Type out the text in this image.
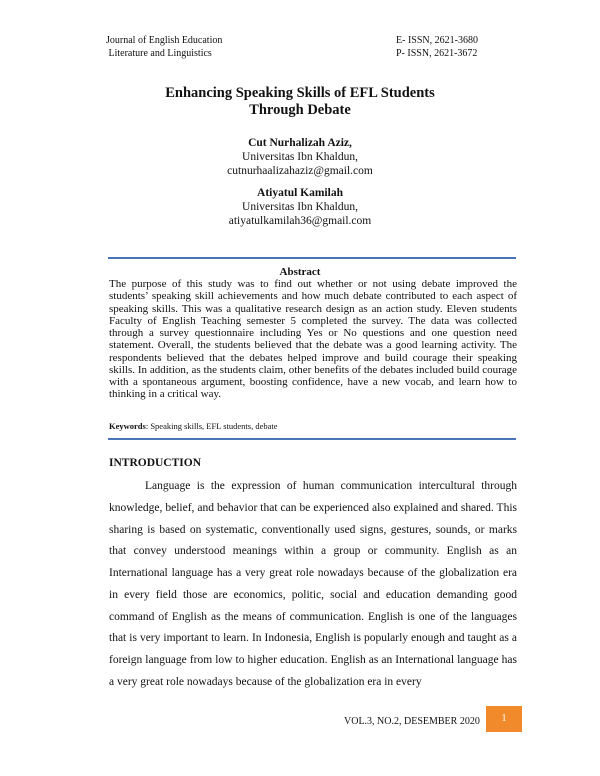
Journal of English Education
Literature and Linguistics
E- ISSN, 2621-3680
P- ISSN, 2621-3672
Enhancing Speaking Skills of EFL Students
Through Debate
Cut Nurhalizah Aziz,
Universitas Ibn Khaldun,
cutnurhaalizahaziz@gmail.com
Atiyatul Kamilah
Universitas Ibn Khaldun,
atiyatulkamilah36@gmail.com
Abstract
The purpose of this study was to find out whether or not using debate improved the students’ speaking skill achievements and how much debate contributed to each aspect of speaking skills. This was a qualitative research design as an action study. Eleven students Faculty of English Teaching semester 5 completed the survey. The data was collected through a survey questionnaire including Yes or No questions and one question need statement. Overall, the students believed that the debate was a good learning activity. The respondents believed that the debates helped improve and build courage their speaking skills. In addition, as the students claim, other benefits of the debates included build courage with a spontaneous argument, boosting confidence, have a new vocab, and learn how to thinking in a critical way.
Keywords: Speaking skills, EFL students, debate
INTRODUCTION
Language is the expression of human communication intercultural through knowledge, belief, and behavior that can be experienced also explained and shared. This sharing is based on systematic, conventionally used signs, gestures, sounds, or marks that convey understood meanings within a group or community. English as an International language has a very great role nowadays because of the globalization era in every field those are economics, politic, social and education demanding good command of English as the means of communication. English is one of the languages that is very important to learn. In Indonesia, English is popularly enough and taught as a foreign language from low to higher education. English as an International language has a very great role nowadays because of the globalization era in every
VOL.3, NO.2, DESEMBER 2020	1
